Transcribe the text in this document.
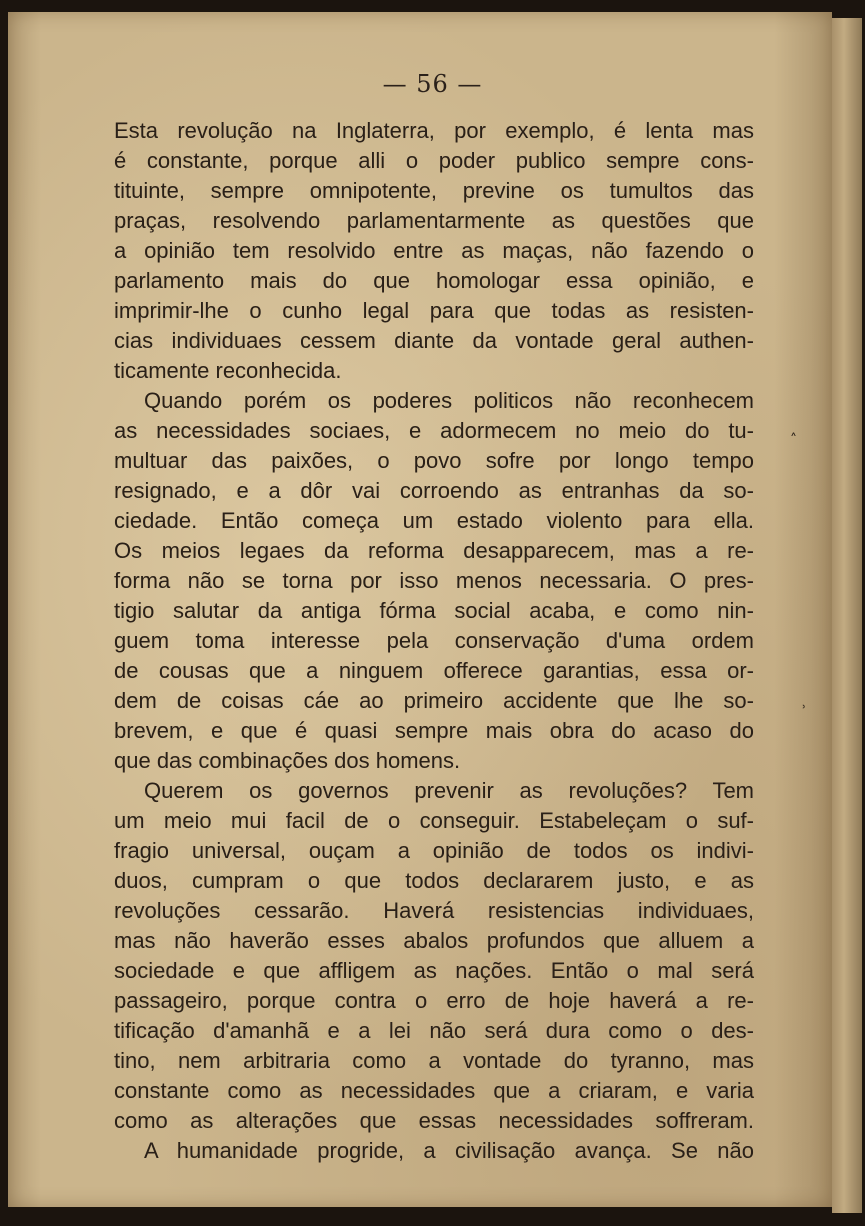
— 56 —
Esta revolução na Inglaterra, por exemplo, é lenta mas
é constante, porque alli o poder publico sempre cons-
tituinte, sempre omnipotente, previne os tumultos das
praças, resolvendo parlamentarmente as questões que
a opinião tem resolvido entre as maças, não fazendo o
parlamento mais do que homologar essa opinião, e
imprimir-lhe o cunho legal para que todas as resisten-
cias individuaes cessem diante da vontade geral authen-
ticamente reconhecida.
Quando porém os poderes politicos não reconhecem
as necessidades sociaes, e adormecem no meio do tu-
multuar das paixões, o povo sofre por longo tempo
resignado, e a dôr vai corroendo as entranhas da so-
ciedade. Então começa um estado violento para ella.
Os meios legaes da reforma desapparecem, mas a re-
forma não se torna por isso menos necessaria. O pres-
tigio salutar da antiga fórma social acaba, e como nin-
guem toma interesse pela conservação d'uma ordem
de cousas que a ninguem offerece garantias, essa or-
dem de coisas cáe ao primeiro accidente que lhe so-
brevem, e que é quasi sempre mais obra do acaso do
que das combinações dos homens.
Querem os governos prevenir as revoluções? Tem
um meio mui facil de o conseguir. Estabeleçam o suf-
fragio universal, ouçam a opinião de todos os indivi-
duos, cumpram o que todos declararem justo, e as
revoluções cessarão. Haverá resistencias individuaes,
mas não haverão esses abalos profundos que alluem a
sociedade e que affligem as nações. Então o mal será
passageiro, porque contra o erro de hoje haverá a re-
tificação d'amanhã e a lei não será dura como o des-
tino, nem arbitraria como a vontade do tyranno, mas
constante como as necessidades que a criaram, e varia
como as alterações que essas necessidades soffreram.
A humanidade progride, a civilisação avança. Se não
˄
˒
